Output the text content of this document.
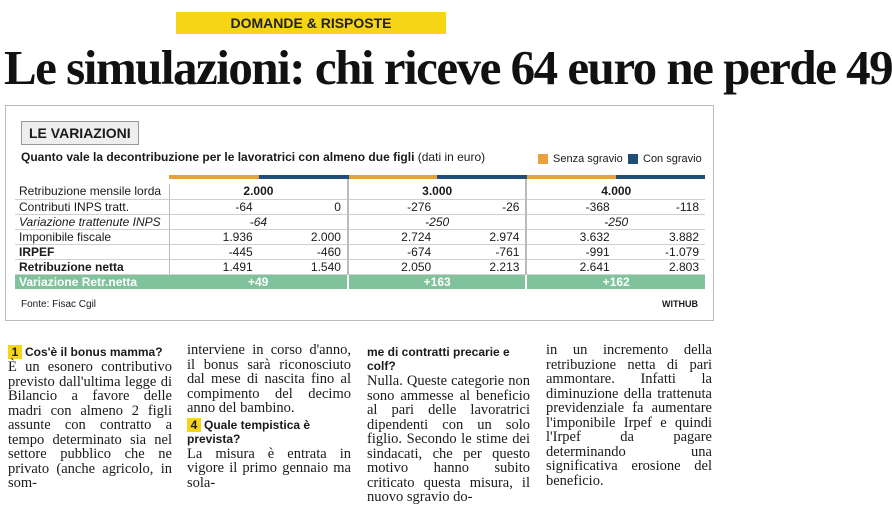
DOMANDE & RISPOSTE
Le simulazioni: chi riceve 64 euro ne perde 49
LE VARIAZIONI
Quanto vale la decontribuzione per le lavoratrici con almeno due figli (dati in euro)	Senza sgravio Con sgravio

Retribuzione mensile lorda	2.000		3.000		4.000	
Contributi INPS tratt.	-64	0	-276	-26	-368	-118
Variazione trattenute INPS	-64		-250		-250	
Imponibile fiscale	1.936	2.000	2.724	2.974	3.632	3.882
IRPEF	-445	-460	-674	-761	-991	-1.079
Retribuzione netta	1.491	1.540	2.050	2.213	2.641	2.803
Variazione Retr.netta	+49		+163		+162	
Fonte: Fisac Cgil	WITHUB
1 Cos'è il bonus mamma?

È un esonero contributivo previsto dall'ultima legge di Bilancio a favore delle madri con almeno 2 figli assunte con contratto a tempo determinato sia nel settore pubblico che ne privato (anche agricolo, in som-

interviene in corso d'anno, il bonus sarà riconosciuto dal mese di nascita fino al compimento del decimo anno del bambino.

4 Quale tempistica è prevista?

La misura è entrata in vigore il primo gennaio ma sola-

me di contratti precarie e colf?

Nulla. Queste categorie non sono ammesse al beneficio al pari delle lavoratrici dipendenti con un solo figlio. Secondo le stime dei sindacati, che per questo motivo hanno subito criticato questa misura, il nuovo sgravio do-

in un incremento della retribuzione netta di pari ammontare. Infatti la diminuzione della trattenuta previdenziale fa aumentare l'imponibile Irpef e quindi l'Irpef da pagare determinando una significativa erosione del beneficio.
